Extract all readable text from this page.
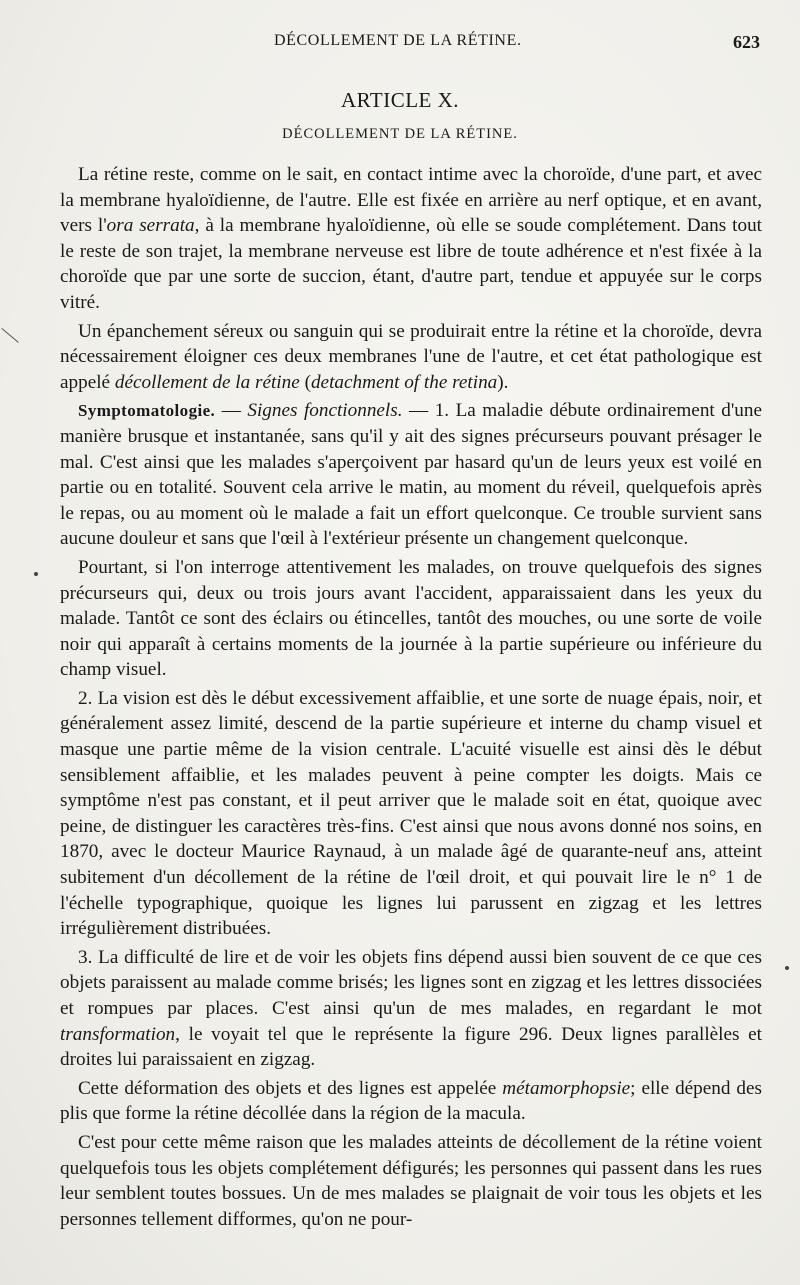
DÉCOLLEMENT DE LA RÉTINE.	623
ARTICLE X.
DÉCOLLEMENT DE LA RÉTINE.

La rétine reste, comme on le sait, en contact intime avec la choroïde, d'une part, et avec la membrane hyaloïdienne, de l'autre. Elle est fixée en arrière au nerf optique, et en avant, vers l'ora serrata, à la membrane hyaloïdienne, où elle se soude complétement. Dans tout le reste de son trajet, la membrane nerveuse est libre de toute adhérence et n'est fixée à la choroïde que par une sorte de succion, étant, d'autre part, tendue et appuyée sur le corps vitré.

Un épanchement séreux ou sanguin qui se produirait entre la rétine et la choroïde, devra nécessairement éloigner ces deux membranes l'une de l'autre, et cet état pathologique est appelé décollement de la rétine (detachment of the retina).

Symptomatologie. — Signes fonctionnels. — 1. La maladie débute ordinairement d'une manière brusque et instantanée, sans qu'il y ait des signes précurseurs pouvant présager le mal. C'est ainsi que les malades s'aperçoivent par hasard qu'un de leurs yeux est voilé en partie ou en totalité. Souvent cela arrive le matin, au moment du réveil, quelquefois après le repas, ou au moment où le malade a fait un effort quelconque. Ce trouble survient sans aucune douleur et sans que l'œil à l'extérieur présente un changement quelconque.

Pourtant, si l'on interroge attentivement les malades, on trouve quelquefois des signes précurseurs qui, deux ou trois jours avant l'accident, apparaissaient dans les yeux du malade. Tantôt ce sont des éclairs ou étincelles, tantôt des mouches, ou une sorte de voile noir qui apparaît à certains moments de la journée à la partie supérieure ou inférieure du champ visuel.

2. La vision est dès le début excessivement affaiblie, et une sorte de nuage épais, noir, et généralement assez limité, descend de la partie supérieure et interne du champ visuel et masque une partie même de la vision centrale. L'acuité visuelle est ainsi dès le début sensiblement affaiblie, et les malades peuvent à peine compter les doigts. Mais ce symptôme n'est pas constant, et il peut arriver que le malade soit en état, quoique avec peine, de distinguer les caractères très-fins. C'est ainsi que nous avons donné nos soins, en 1870, avec le docteur Maurice Raynaud, à un malade âgé de quarante-neuf ans, atteint subitement d'un décollement de la rétine de l'œil droit, et qui pouvait lire le n° 1 de l'échelle typographique, quoique les lignes lui parussent en zigzag et les lettres irrégulièrement distribuées.

3. La difficulté de lire et de voir les objets fins dépend aussi bien souvent de ce que ces objets paraissent au malade comme brisés; les lignes sont en zigzag et les lettres dissociées et rompues par places. C'est ainsi qu'un de mes malades, en regardant le mot transformation, le voyait tel que le représente la figure 296. Deux lignes parallèles et droites lui paraissaient en zigzag.

Cette déformation des objets et des lignes est appelée métamorphopsie; elle dépend des plis que forme la rétine décollée dans la région de la macula.

C'est pour cette même raison que les malades atteints de décollement de la rétine voient quelquefois tous les objets complétement défigurés; les personnes qui passent dans les rues leur semblent toutes bossues. Un de mes malades se plaignait de voir tous les objets et les personnes tellement difformes, qu'on ne pour-
